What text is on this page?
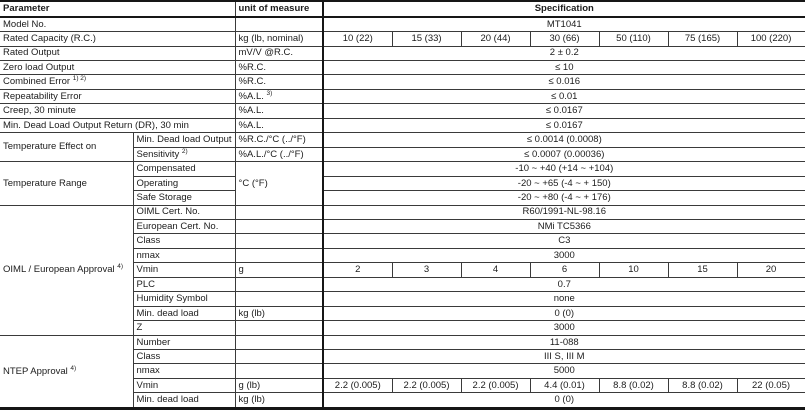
Parameter		unit of measure	Specification						
Model No.			MT1041						
Rated Capacity (R.C.)		kg (lb, nominal)	10 (22)	15 (33)	20 (44)	30 (66)	50 (110)	75 (165)	100 (220)
Rated Output		mV/V @R.C.	2 ± 0.2						
Zero load Output		%R.C.	≤ 10						
Combined Error $^{1) 2)}$		%R.C.	≤ 0.016						
Repeatability Error		%A.L. $^{3)}$	≤ 0.01						
Creep, 30 minute		%A.L.	≤ 0.0167						
Min. Dead Load Output Return (DR), 30 min		%A.L.	≤ 0.0167						
Temperature Effect on	Min. Dead load Output	%R.C./°C (../°F)	≤ 0.0014 (0.0008)						
	Sensitivity $^{2)}$	%A.L./°C (../°F)	≤ 0.0007 (0.00036)						
Temperature Range	Compensated	°C (°F)	-10 ~ +40 (+14 ~ +104)						
	Operating		-20 ~ +65 (-4 ~ + 150)						
	Safe Storage		-20 ~ +80 (-4 ~ + 176)						
OIML / European Approval $^{4)}$	OIML Cert. No.		R60/1991-NL-98.16						
	European Cert. No.		NMi TC5366						
	Class		C3						
	nmax		3000						
	Vmin	g	2	3	4	6	10	15	20
	PLC		0.7						
	Humidity Symbol		none						
	Min. dead load	kg (lb)	0 (0)						
	Z		3000						
NTEP Approval $^{4)}$	Number		11-088						
	Class		III S, III M						
	nmax		5000						
	Vmin	g (lb)	2.2 (0.005)	2.2 (0.005)	2.2 (0.005)	4.4 (0.01)	8.8 (0.02)	8.8 (0.02)	22 (0.05)
	Min. dead load	kg (lb)	0 (0)						
